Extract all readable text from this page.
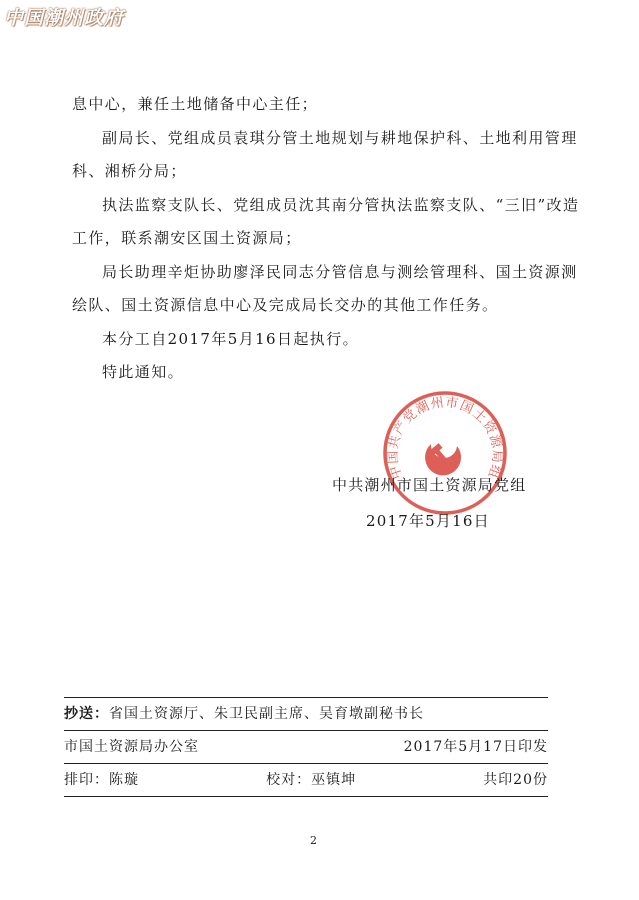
中国潮州政府

息中心，兼任土地储备中心主任；

副局长、党组成员袁琪分管土地规划与耕地保护科、土地利用管理科、湘桥分局；

执法监察支队长、党组成员沈其南分管执法监察支队、“三旧”改造工作，联系潮安区国土资源局；

局长助理辛炬协助廖泽民同志分管信息与测绘管理科、国土资源测绘队、国土资源信息中心及完成局长交办的其他工作任务。

本分工自2017年5月16日起执行。

特此通知。

中国共产党潮州市国土资源局组
中共潮州市国土资源局党组
2017年5月16日
抄送：省国土资源厅、朱卫民副主席、吴育墩副秘书长
市国土资源局办公室	2017年5月17日印发
排印：陈璇	校对：巫镇坤	共印20份
2
